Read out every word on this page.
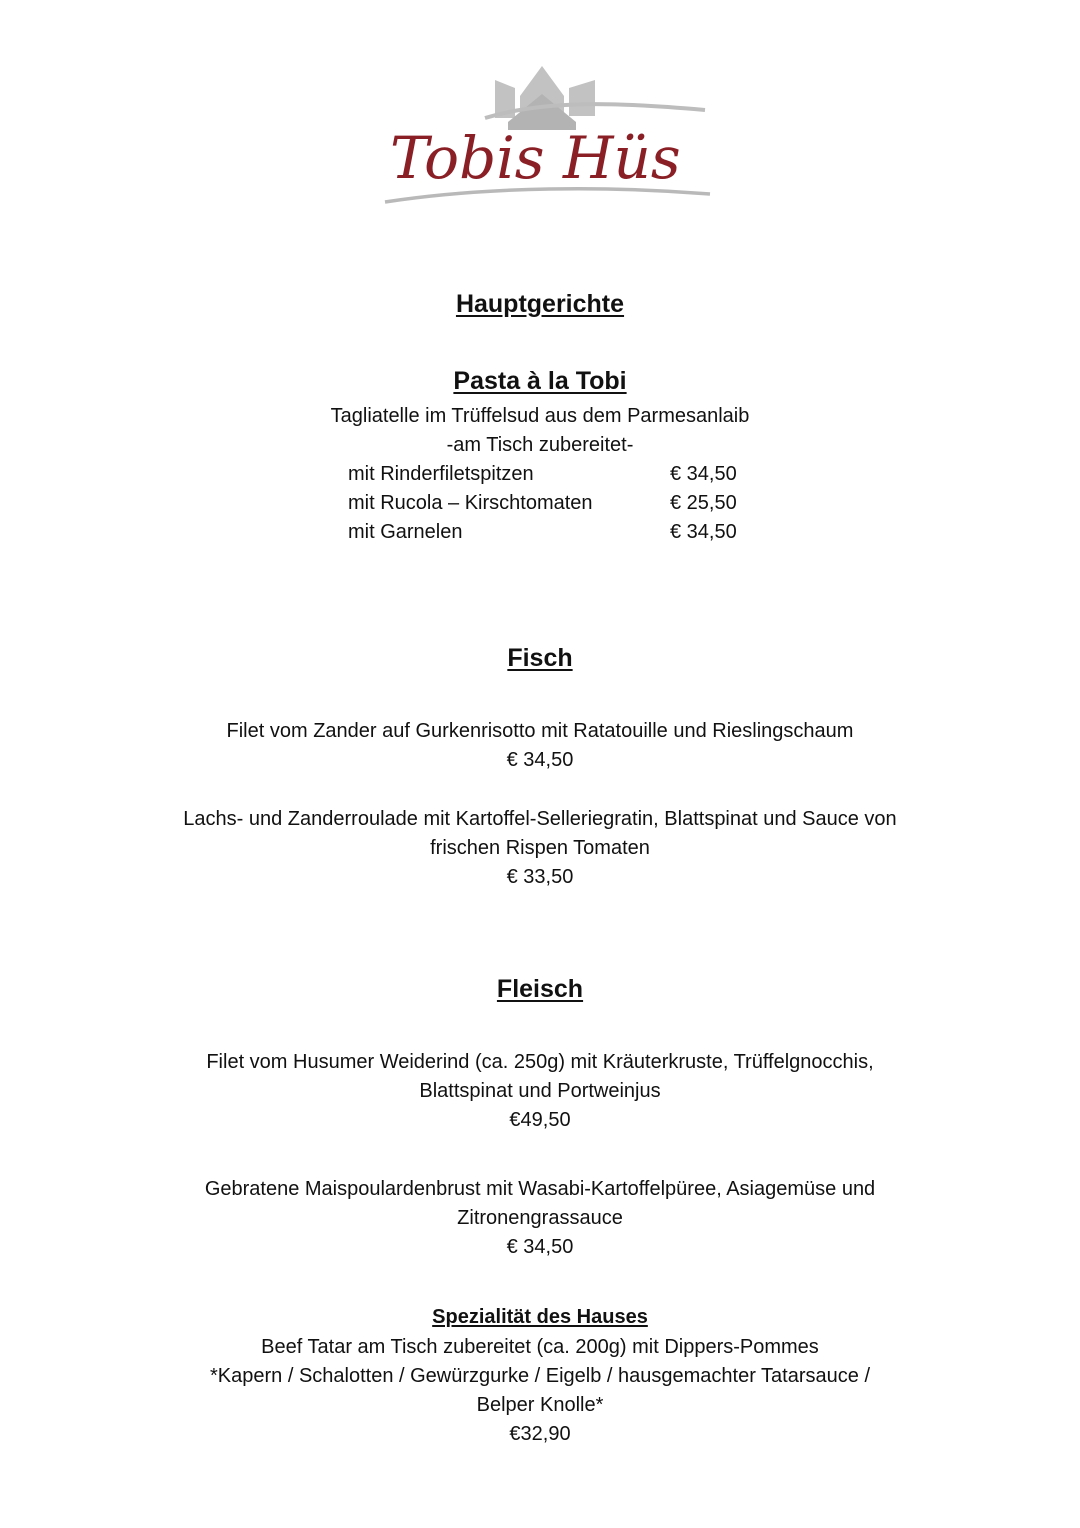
Tobis Hüs
Hauptgerichte
Pasta à la Tobi
Tagliatelle im Trüffelsud aus dem Parmesanlaib
-am Tisch zubereitet-
mit Rinderfiletspitzen	€ 34,50
mit Rucola – Kirschtomaten	€ 25,50
mit Garnelen	€ 34,50
Fisch
Filet vom Zander auf Gurkenrisotto mit Ratatouille und Rieslingschaum
€ 34,50
Lachs- und Zanderroulade mit Kartoffel-Selleriegratin, Blattspinat und Sauce von
frischen Rispen Tomaten
€ 33,50
Fleisch
Filet vom Husumer Weiderind (ca. 250g) mit Kräuterkruste, Trüffelgnocchis,
Blattspinat und Portweinjus
€49,50
Gebratene Maispoulardenbrust mit Wasabi-Kartoffelpüree, Asiagemüse und
Zitronengrassauce
€ 34,50
Spezialität des Hauses
Beef Tatar am Tisch zubereitet (ca. 200g) mit Dippers-Pommes
*Kapern / Schalotten / Gewürzgurke / Eigelb / hausgemachter Tatarsauce /
Belper Knolle*
€32,90
